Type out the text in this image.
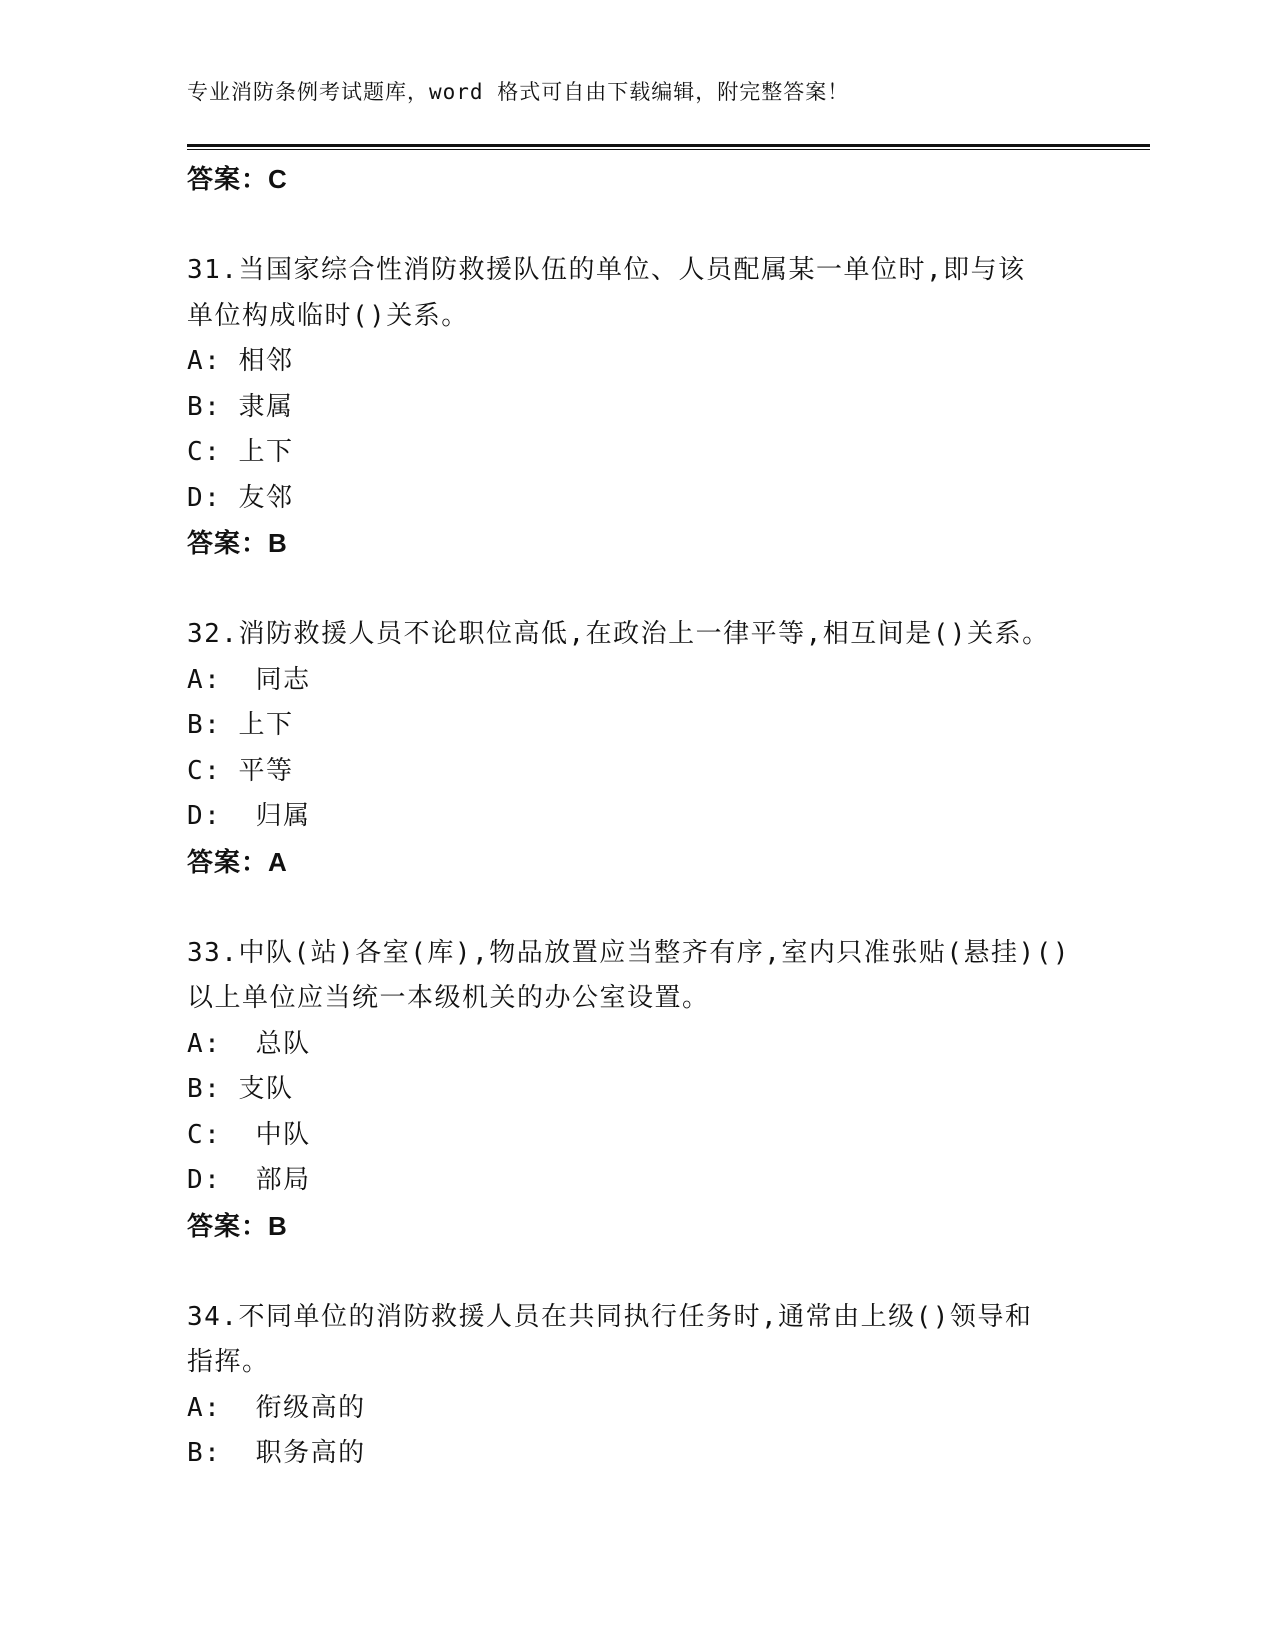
专业消防条例考试题库，word 格式可自由下载编辑，附完整答案！
答案：C
31.当国家综合性消防救援队伍的单位、人员配属某一单位时,即与该
单位构成临时()关系。
A: 相邻
B: 隶属
C: 上下
D: 友邻
答案：B
32.消防救援人员不论职位高低,在政治上一律平等,相互间是()关系。
A:  同志
B: 上下
C: 平等
D:  归属
答案：A
33.中队(站)各室(库),物品放置应当整齐有序,室内只准张贴(悬挂)()
以上单位应当统一本级机关的办公室设置。
A:  总队
B: 支队
C:  中队
D:  部局
答案：B
34.不同单位的消防救援人员在共同执行任务时,通常由上级()领导和
指挥。
A:  衔级高的
B:  职务高的
